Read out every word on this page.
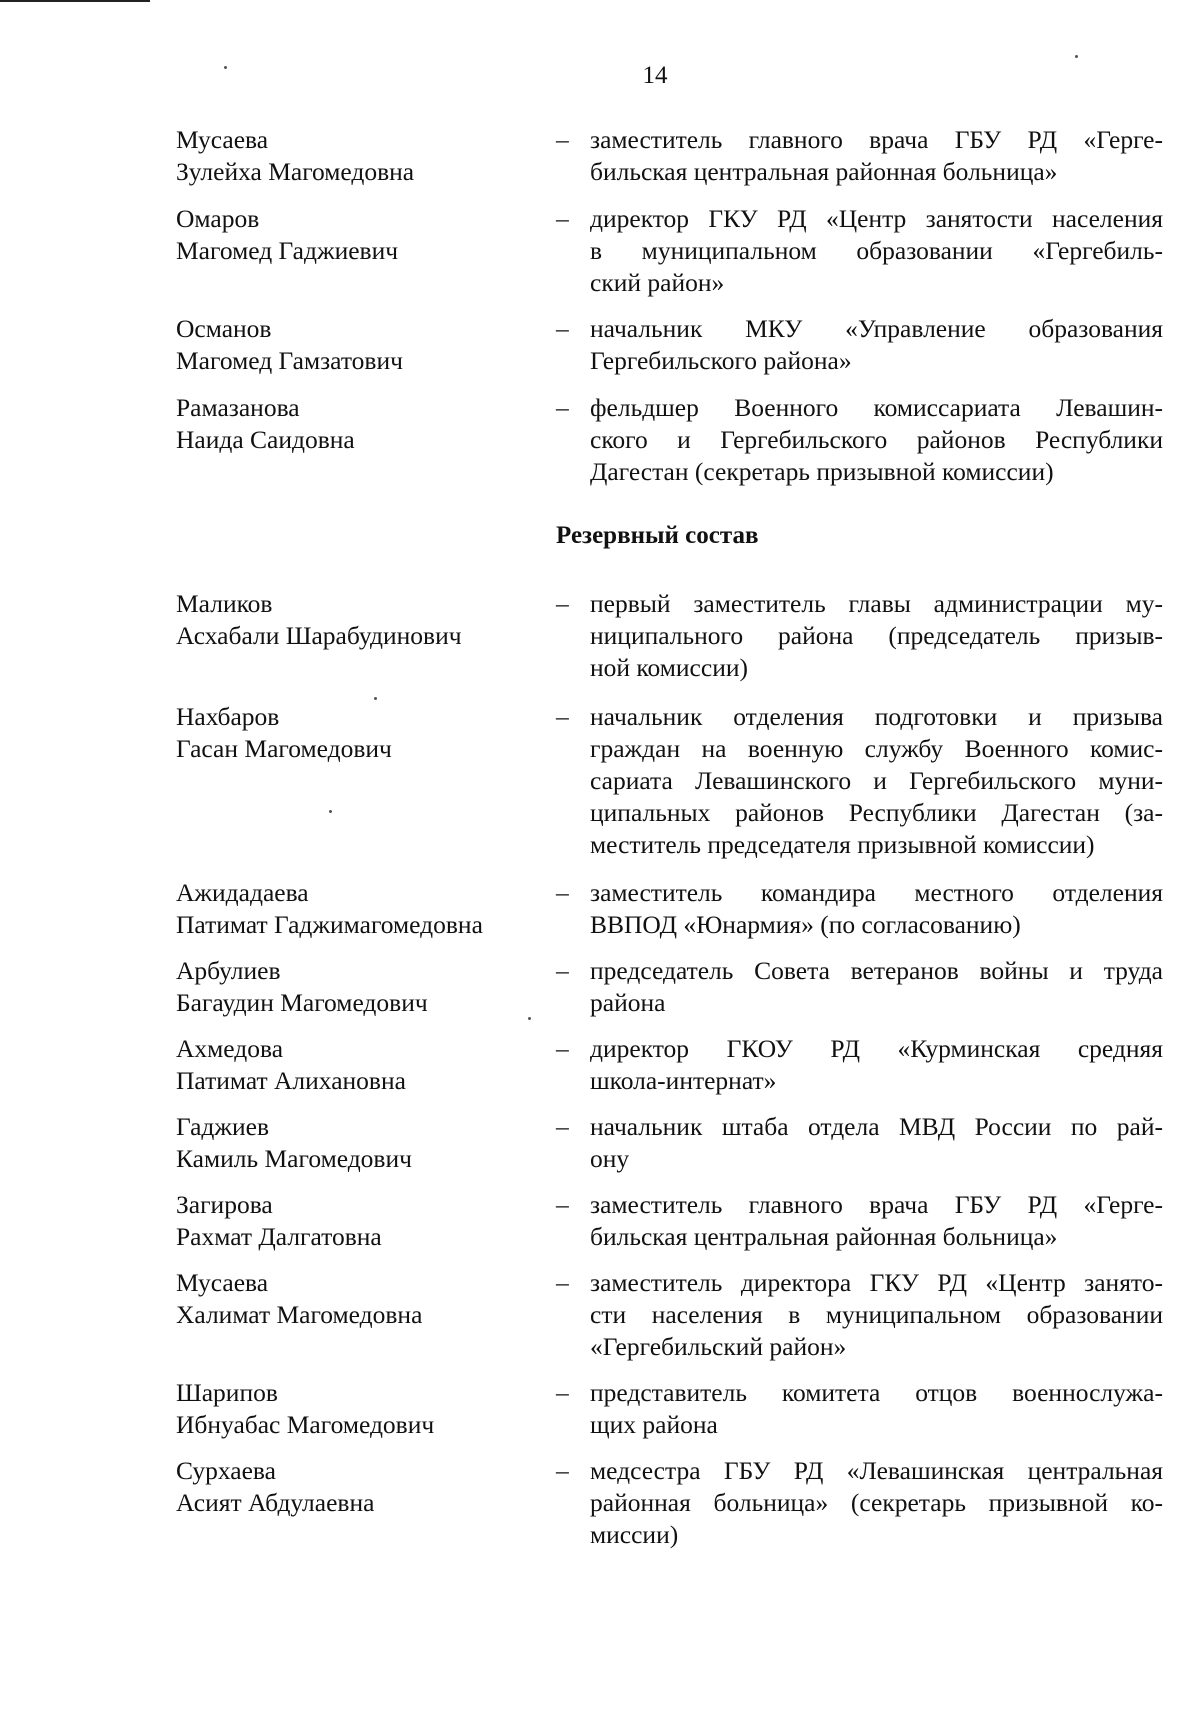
14
Мусаева
Зулейха Магомедовна
– заместитель главного врача ГБУ РД «Герге-
бильская центральная районная больница»
Омаров
Магомед Гаджиевич
– директор ГКУ РД «Центр занятости населения
в муниципальном образовании «Гергебиль-
ский район»
Османов
Магомед Гамзатович
– начальник МКУ «Управление образования
Гергебильского района»
Рамазанова
Наида Саидовна
– фельдшер Военного комиссариата Левашин-
ского и Гергебильского районов Республики
Дагестан (секретарь призывной комиссии)
Резервный состав
Маликов
Асхабали Шарабудинович
– первый заместитель главы администрации му-
ниципального района (председатель призыв-
ной комиссии)
Нахбаров
Гасан Магомедович
– начальник отделения подготовки и призыва
граждан на военную службу Военного комис-
сариата Левашинского и Гергебильского муни-
ципальных районов Республики Дагестан (за-
меститель председателя призывной комиссии)
Ажидадаева
Патимат Гаджимагомедовна
– заместитель командира местного отделения
ВВПОД «Юнармия» (по согласованию)
Арбулиев
Багаудин Магомедович
– председатель Совета ветеранов войны и труда
района
Ахмедова
Патимат Алихановна
– директор ГКОУ РД «Курминская средняя
школа-интернат»
Гаджиев
Камиль Магомедович
– начальник штаба отдела МВД России по рай-
ону
Загирова
Рахмат Далгатовна
– заместитель главного врача ГБУ РД «Герге-
бильская центральная районная больница»
Мусаева
Халимат Магомедовна
– заместитель директора ГКУ РД «Центр занято-
сти населения в муниципальном образовании
«Гергебильский район»
Шарипов
Ибнуабас Магомедович
– представитель комитета отцов военнослужа-
щих района
Сурхаева
Асият Абдулаевна
– медсестра ГБУ РД «Левашинская центральная
районная больница» (секретарь призывной ко-
миссии)
